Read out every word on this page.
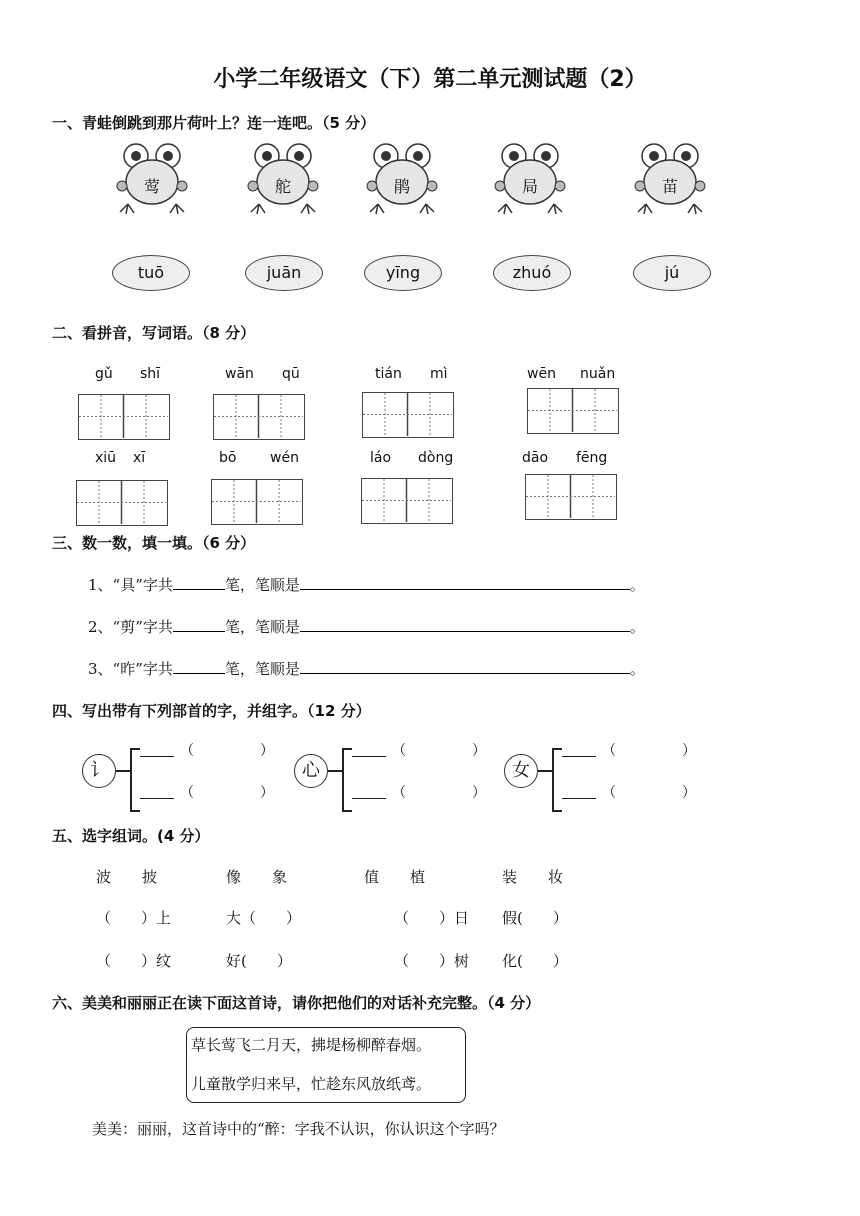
小学二年级语文（下）第二单元测试题（2）
一、青蛙倒跳到那片荷叶上？连一连吧。（5 分）
莺	舵	鹃	局	苗
tuō	juān	yīng	zhuó	jú
二、看拼音，写词语。（8 分）
gǔ shī	wān qū	tián mì	wēn nuǎn
xiū xī	bō wén	láo dòng	dāo fēng
三、数一数，填一填。（6 分）
1、“具”字共	笔，笔顺是	。
2、“剪”字共	笔，笔顺是	。
3、“昨”字共	笔，笔顺是	。
四、写出带有下列部首的字，并组字。（12 分）
讠
（	）
（	）
心
（	）
（	）
女
（	）
（	）
五、选字组词。(4 分）
波 披	像 象	值 植	装 妆
（　　）上	大（　　）	（　　）日 假(　　）
（　　）纹	好(　　）	（　　）树 化(　　）
六、美美和丽丽正在读下面这首诗，请你把他们的对话补充完整。（4 分）
草长莺飞二月天，拂堤杨柳醉春烟。
儿童散学归来早，忙趁东风放纸鸢。
美美：丽丽，这首诗中的“醉：字我不认识，你认识这个字吗？
